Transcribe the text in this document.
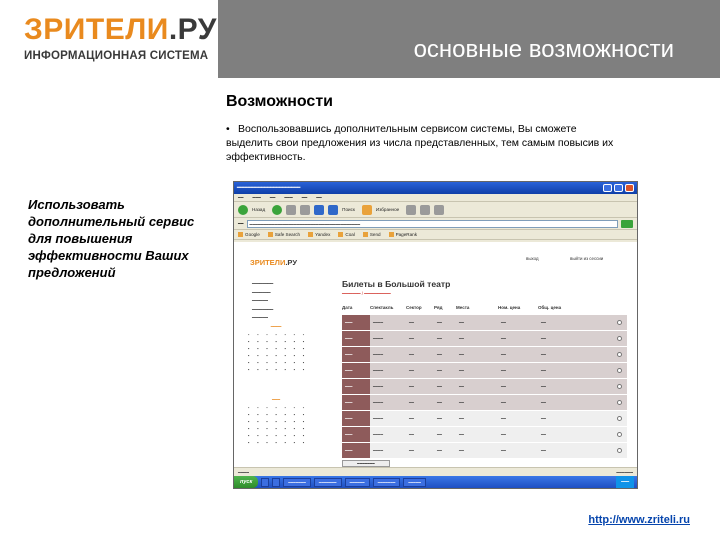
ЗРИТЕЛИ.РУ
ИНФОРМАЦИОННАЯ СИСТЕМА	основные возможности
Возможности
• Воспользовавшись дополнительным сервисом системы, Вы сможете выделить свои предложения из числа представленных, тем самым повысив их эффективность.
Использовать дополнительный сервис для повышения эффективности Ваших предложений
━━━━━━━━━━━━━━━━━━━━━
━━ ━━━ ━━ ━━━ ━━ ━━
Назад	Поиск	Избранное
━━	━━━━━━━━━━━━━━━━━━━━━━━━━━━━━━━━━━━━━━━━
Google	Safe Search	Yandex	Coal	Send	PageRank
ЗРИТЕЛИ.РУ
━━━━━━━━
━━━━━━━
━━━━━━
━━━━━━━━
━━━━━━
━━━━
▪	▪	▪	▪	▪	▪	▪
▪	▪	▪	▪	▪	▪	▪
▪	▪	▪	▪	▪	▪	▪
▪	▪	▪	▪	▪	▪	▪
▪	▪	▪	▪	▪	▪	▪
▪	▪	▪	▪	▪	▪	▪
━━━
▪	▪	▪	▪	▪	▪	▪
▪	▪	▪	▪	▪	▪	▪
▪	▪	▪	▪	▪	▪	▪
▪	▪	▪	▪	▪	▪	▪
▪	▪	▪	▪	▪	▪	▪
▪	▪	▪	▪	▪	▪	▪
выход	выйти из сессии
Билеты в Большой театр
━━━━━━━ / ━━━━━━━━━━
Дата	Спектакль	Сектор	Ряд	Места	Ном. цена	Общ. цена
━━━	━━━━	━━	━━	━━	━━	━━
━━━	━━━━	━━	━━	━━	━━	━━
━━━	━━━━	━━	━━	━━	━━	━━
━━━	━━━━	━━	━━	━━	━━	━━
━━━	━━━━	━━	━━	━━	━━	━━
━━━	━━━━	━━	━━	━━	━━	━━
━━━	━━━━	━━	━━	━━	━━	━━
━━━	━━━━	━━	━━	━━	━━	━━
━━━	━━━━	━━	━━	━━	━━	━━
━━━━━━━
━━━━	━━━━━━
пуск	━━━━━━━	━━━━━━━	━━━━━━	━━━━━━━	━━━━━	━━━
http://www.zriteli.ru
